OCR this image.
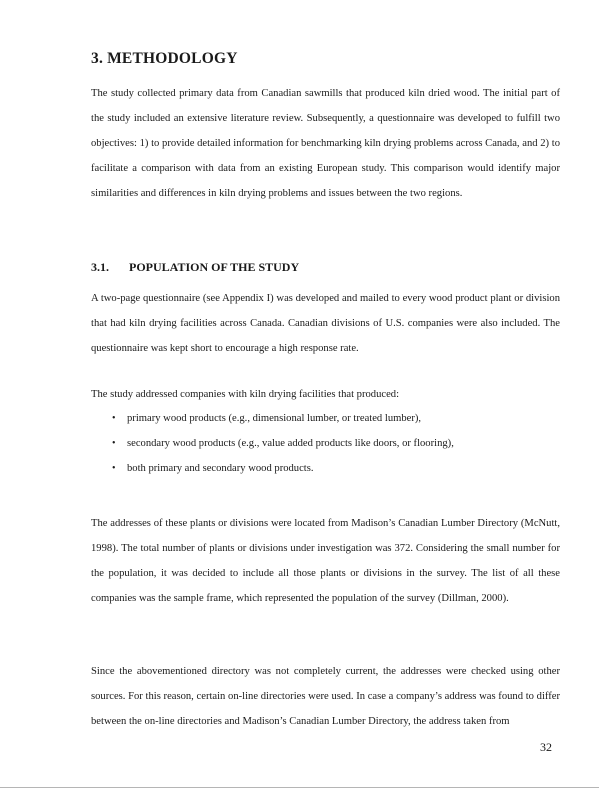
3. METHODOLOGY

The study collected primary data from Canadian sawmills that produced kiln dried wood. The initial part of the study included an extensive literature review. Subsequently, a questionnaire was developed to fulfill two objectives: 1) to provide detailed information for benchmarking kiln drying problems across Canada, and 2) to facilitate a comparison with data from an existing European study. This comparison would identify major similarities and differences in kiln drying problems and issues between the two regions.

3.1. POPULATION OF THE STUDY

A two-page questionnaire (see Appendix I) was developed and mailed to every wood product plant or division that had kiln drying facilities across Canada. Canadian divisions of U.S. companies were also included. The questionnaire was kept short to encourage a high response rate.

The study addressed companies with kiln drying facilities that produced:

• primary wood products (e.g., dimensional lumber, or treated lumber),
• secondary wood products (e.g., value added products like doors, or flooring),
• both primary and secondary wood products.

The addresses of these plants or divisions were located from Madison’s Canadian Lumber Directory (McNutt, 1998). The total number of plants or divisions under investigation was 372. Considering the small number for the population, it was decided to include all those plants or divisions in the survey. The list of all these companies was the sample frame, which represented the population of the survey (Dillman, 2000).

Since the abovementioned directory was not completely current, the addresses were checked using other sources. For this reason, certain on-line directories were used. In case a company’s address was found to differ between the on-line directories and Madison’s Canadian Lumber Directory, the address taken from

32
